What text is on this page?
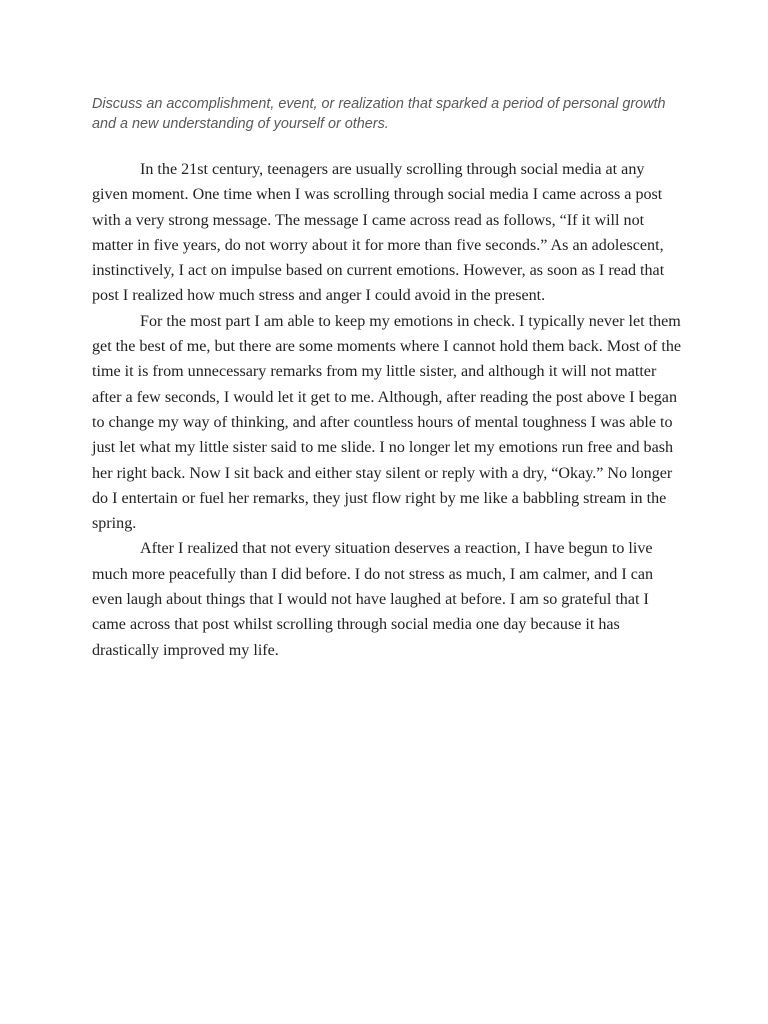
Discuss an accomplishment, event, or realization that sparked a period of personal growth and a new understanding of yourself or others.

In the 21st century, teenagers are usually scrolling through social media at any given moment. One time when I was scrolling through social media I came across a post with a very strong message. The message I came across read as follows, “If it will not matter in five years, do not worry about it for more than five seconds.” As an adolescent, instinctively, I act on impulse based on current emotions. However, as soon as I read that post I realized how much stress and anger I could avoid in the present.

For the most part I am able to keep my emotions in check. I typically never let them get the best of me, but there are some moments where I cannot hold them back. Most of the time it is from unnecessary remarks from my little sister, and although it will not matter after a few seconds, I would let it get to me. Although, after reading the post above I began to change my way of thinking, and after countless hours of mental toughness I was able to just let what my little sister said to me slide. I no longer let my emotions run free and bash her right back. Now I sit back and either stay silent or reply with a dry, “Okay.” No longer do I entertain or fuel her remarks, they just flow right by me like a babbling stream in the spring.

After I realized that not every situation deserves a reaction, I have begun to live much more peacefully than I did before. I do not stress as much, I am calmer, and I can even laugh about things that I would not have laughed at before. I am so grateful that I came across that post whilst scrolling through social media one day because it has drastically improved my life.
